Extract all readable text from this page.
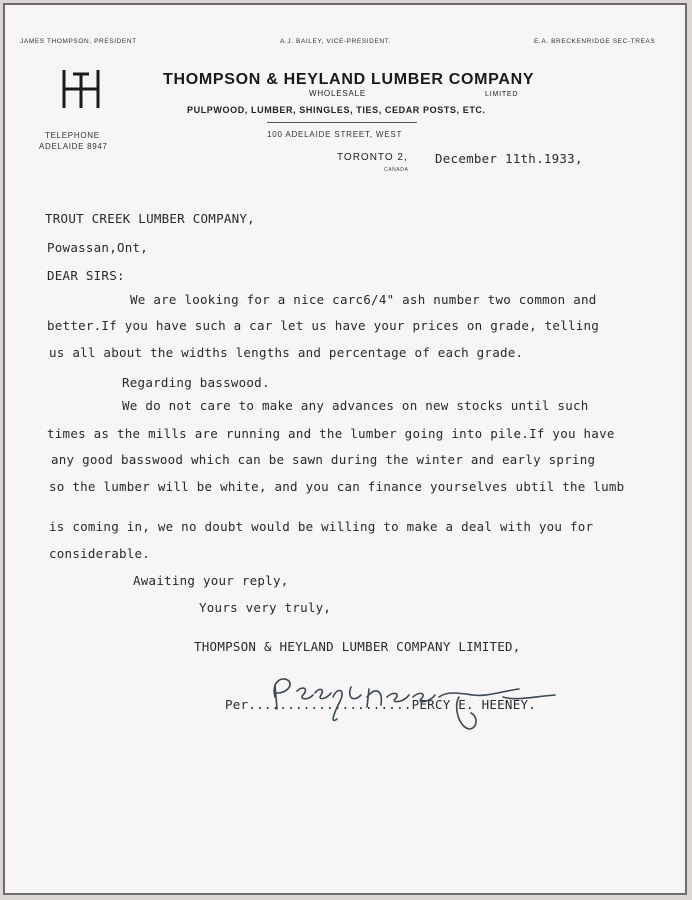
JAMES THOMPSON, PRESIDENT	A.J. BAILEY, VICE-PRESIDENT.	E.A. BRECKENRIDGE SEC-TREAS
THOMPSON & HEYLAND LUMBER COMPANY
WHOLESALE	LIMITED
PULPWOOD, LUMBER, SHINGLES, TIES, CEDAR POSTS, ETC.
TELEPHONE
ADELAIDE 8947
100 ADELAIDE STREET, WEST
TORONTO 2,
CANADA
December 11th.1933,
TROUT CREEK LUMBER COMPANY,
Powassan,Ont,
DEAR SIRS:
We are looking for a nice carc6/4" ash number two common and
better.If you have such a car let us have your prices on grade, telling
us all about the widths lengths and percentage of each grade.
Regarding basswood.
We do not care to make any advances on new stocks until such
times as the mills are running and the lumber going into pile.If you have
any good basswood which can be sawn during the winter and early spring
so the lumber will be white, and you can finance yourselves ubtil the lumb
is coming in, we no doubt would be willing to make a deal with you for
considerable.
Awaiting your reply,
Yours very truly,
THOMPSON & HEYLAND LUMBER COMPANY LIMITED,
Per.....................PERCY E. HEENEY.
